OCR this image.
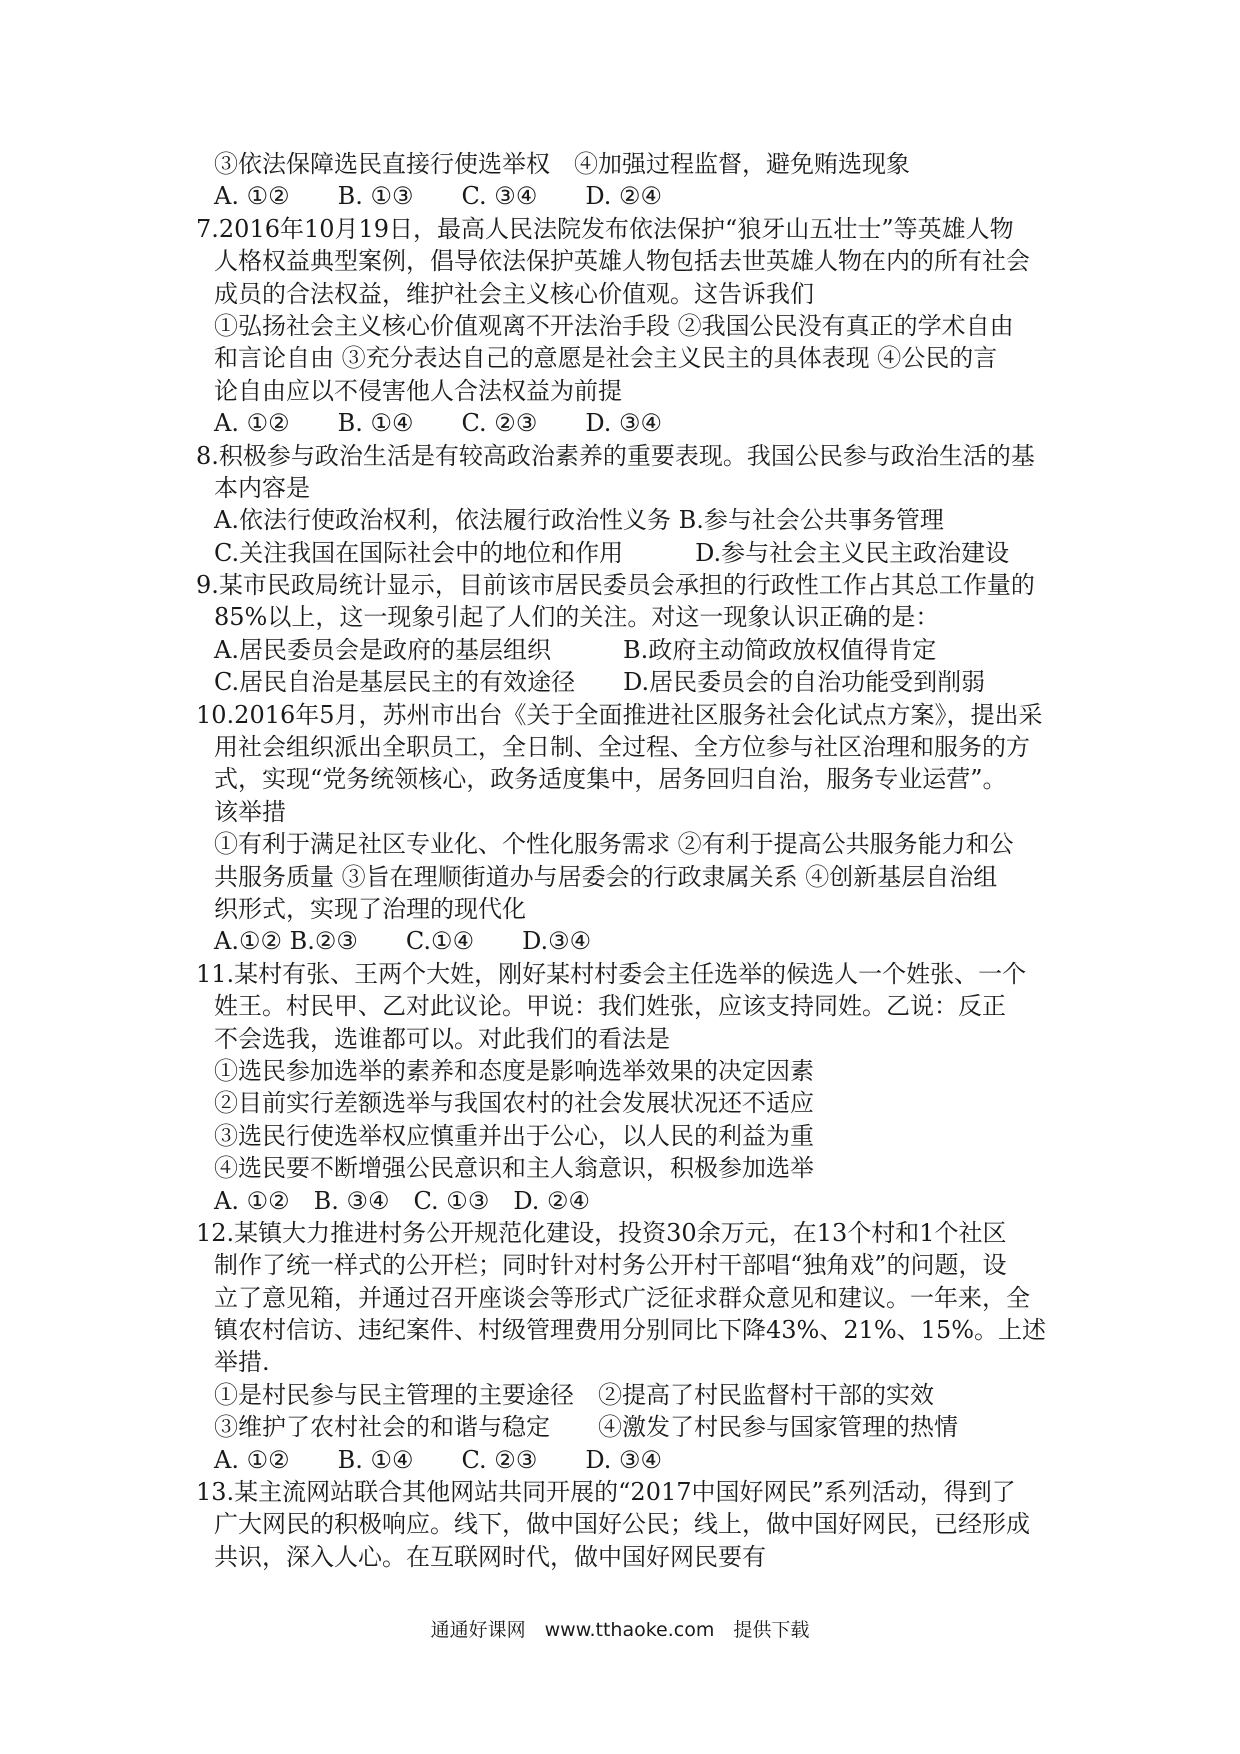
③依法保障选民直接行使选举权　④加强过程监督，避免贿选现象
A. ①②　　B. ①③　　C. ③④　　D. ②④
7.2016年10月19日，最高人民法院发布依法保护“狼牙山五壮士”等英雄人物
人格权益典型案例，倡导依法保护英雄人物包括去世英雄人物在内的所有社会
成员的合法权益，维护社会主义核心价值观。这告诉我们
①弘扬社会主义核心价值观离不开法治手段 ②我国公民没有真正的学术自由
和言论自由 ③充分表达自己的意愿是社会主义民主的具体表现 ④公民的言
论自由应以不侵害他人合法权益为前提
A. ①②　　B. ①④　　C. ②③　　D. ③④
8.积极参与政治生活是有较高政治素养的重要表现。我国公民参与政治生活的基
本内容是
A.依法行使政治权利，依法履行政治性义务 B.参与社会公共事务管理
C.关注我国在国际社会中的地位和作用　　　D.参与社会主义民主政治建设
9.某市民政局统计显示，目前该市居民委员会承担的行政性工作占其总工作量的
85%以上，这一现象引起了人们的关注。对这一现象认识正确的是：
A.居民委员会是政府的基层组织　　　B.政府主动简政放权值得肯定
C.居民自治是基层民主的有效途径　　D.居民委员会的自治功能受到削弱
10.2016年5月，苏州市出台《关于全面推进社区服务社会化试点方案》，提出采
用社会组织派出全职员工，全日制、全过程、全方位参与社区治理和服务的方
式，实现“党务统领核心，政务适度集中，居务回归自治，服务专业运营”。
该举措
①有利于满足社区专业化、个性化服务需求 ②有利于提高公共服务能力和公
共服务质量 ③旨在理顺街道办与居委会的行政隶属关系 ④创新基层自治组
织形式，实现了治理的现代化
A.①② B.②③　　C.①④　　D.③④
11.某村有张、王两个大姓，刚好某村村委会主任选举的候选人一个姓张、一个
姓王。村民甲、乙对此议论。甲说：我们姓张，应该支持同姓。乙说：反正
不会选我，选谁都可以。对此我们的看法是
①选民参加选举的素养和态度是影响选举效果的决定因素
②目前实行差额选举与我国农村的社会发展状况还不适应
③选民行使选举权应慎重并出于公心，以人民的利益为重
④选民要不断增强公民意识和主人翁意识，积极参加选举
A. ①②　B. ③④　C. ①③　D. ②④
12.某镇大力推进村务公开规范化建设，投资30余万元，在13个村和1个社区
制作了统一样式的公开栏；同时针对村务公开村干部唱“独角戏”的问题，设
立了意见箱，并通过召开座谈会等形式广泛征求群众意见和建议。一年来，全
镇农村信访、违纪案件、村级管理费用分别同比下降43%、21%、15%。上述
举措.
①是村民参与民主管理的主要途径　②提高了村民监督村干部的实效
③维护了农村社会的和谐与稳定　　④激发了村民参与国家管理的热情
A. ①②　　B. ①④　　C. ②③　　D. ③④
13.某主流网站联合其他网站共同开展的“2017中国好网民”系列活动，得到了
广大网民的积极响应。线下，做中国好公民；线上，做中国好网民，已经形成
共识，深入人心。在互联网时代，做中国好网民要有
通通好课网　www.tthaoke.com　提供下载
